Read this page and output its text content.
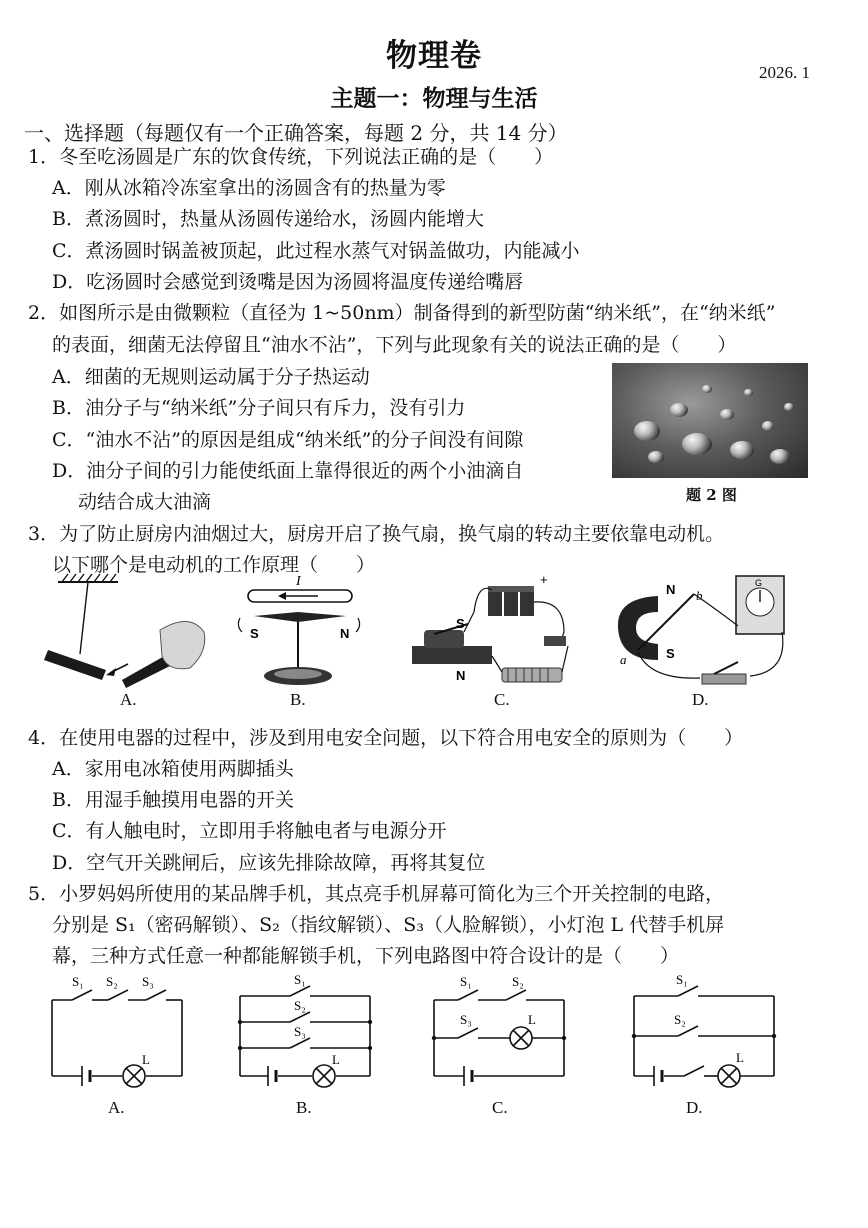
物理卷	2026. 1
主题一：物理与生活
一、选择题（每题仅有一个正确答案，每题 2 分，共 14 分）
1．冬至吃汤圆是广东的饮食传统，下列说法正确的是（　　）
A．刚从冰箱冷冻室拿出的汤圆含有的热量为零
B．煮汤圆时，热量从汤圆传递给水，汤圆内能增大
C．煮汤圆时锅盖被顶起，此过程水蒸气对锅盖做功，内能减小
D．吃汤圆时会感觉到烫嘴是因为汤圆将温度传递给嘴唇
2．如图所示是由微颗粒（直径为 1~50nm）制备得到的新型防菌“纳米纸”，在“纳米纸”
的表面，细菌无法停留且“油水不沾”，下列与此现象有关的说法正确的是（　　）
A．细菌的无规则运动属于分子热运动
B．油分子与“纳米纸”分子间只有斥力，没有引力
C．“油水不沾”的原因是组成“纳米纸”的分子间没有间隙
D．油分子间的引力能使纸面上靠得很近的两个小油滴自
动结合成大油滴	题 2 图
3．为了防止厨房内油烟过大，厨房开启了换气扇，换气扇的转动主要依靠电动机。
以下哪个是电动机的工作原理（　　）
A.
I
S	N
B.
+
S
N
C.
N
S
a
b
G
D.
4．在使用电器的过程中，涉及到用电安全问题，以下符合用电安全的原则为（　　）
A．家用电冰箱使用两脚插头
B．用湿手触摸用电器的开关
C．有人触电时，立即用手将触电者与电源分开
D．空气开关跳闸后，应该先排除故障，再将其复位
5．小罗妈妈所使用的某品牌手机，其点亮手机屏幕可简化为三个开关控制的电路，
分别是 S₁（密码解锁）、S₂（指纹解锁）、S₃（人脸解锁），小灯泡 L 代替手机屏
幕，三种方式任意一种都能解锁手机，下列电路图中符合设计的是（　　）
S₁ S₂ S₃
L
A.
S₁
S₂
S₃
L
B.
S₁	S₂
S₃	L
C.
S₁
S₂
L
D.
